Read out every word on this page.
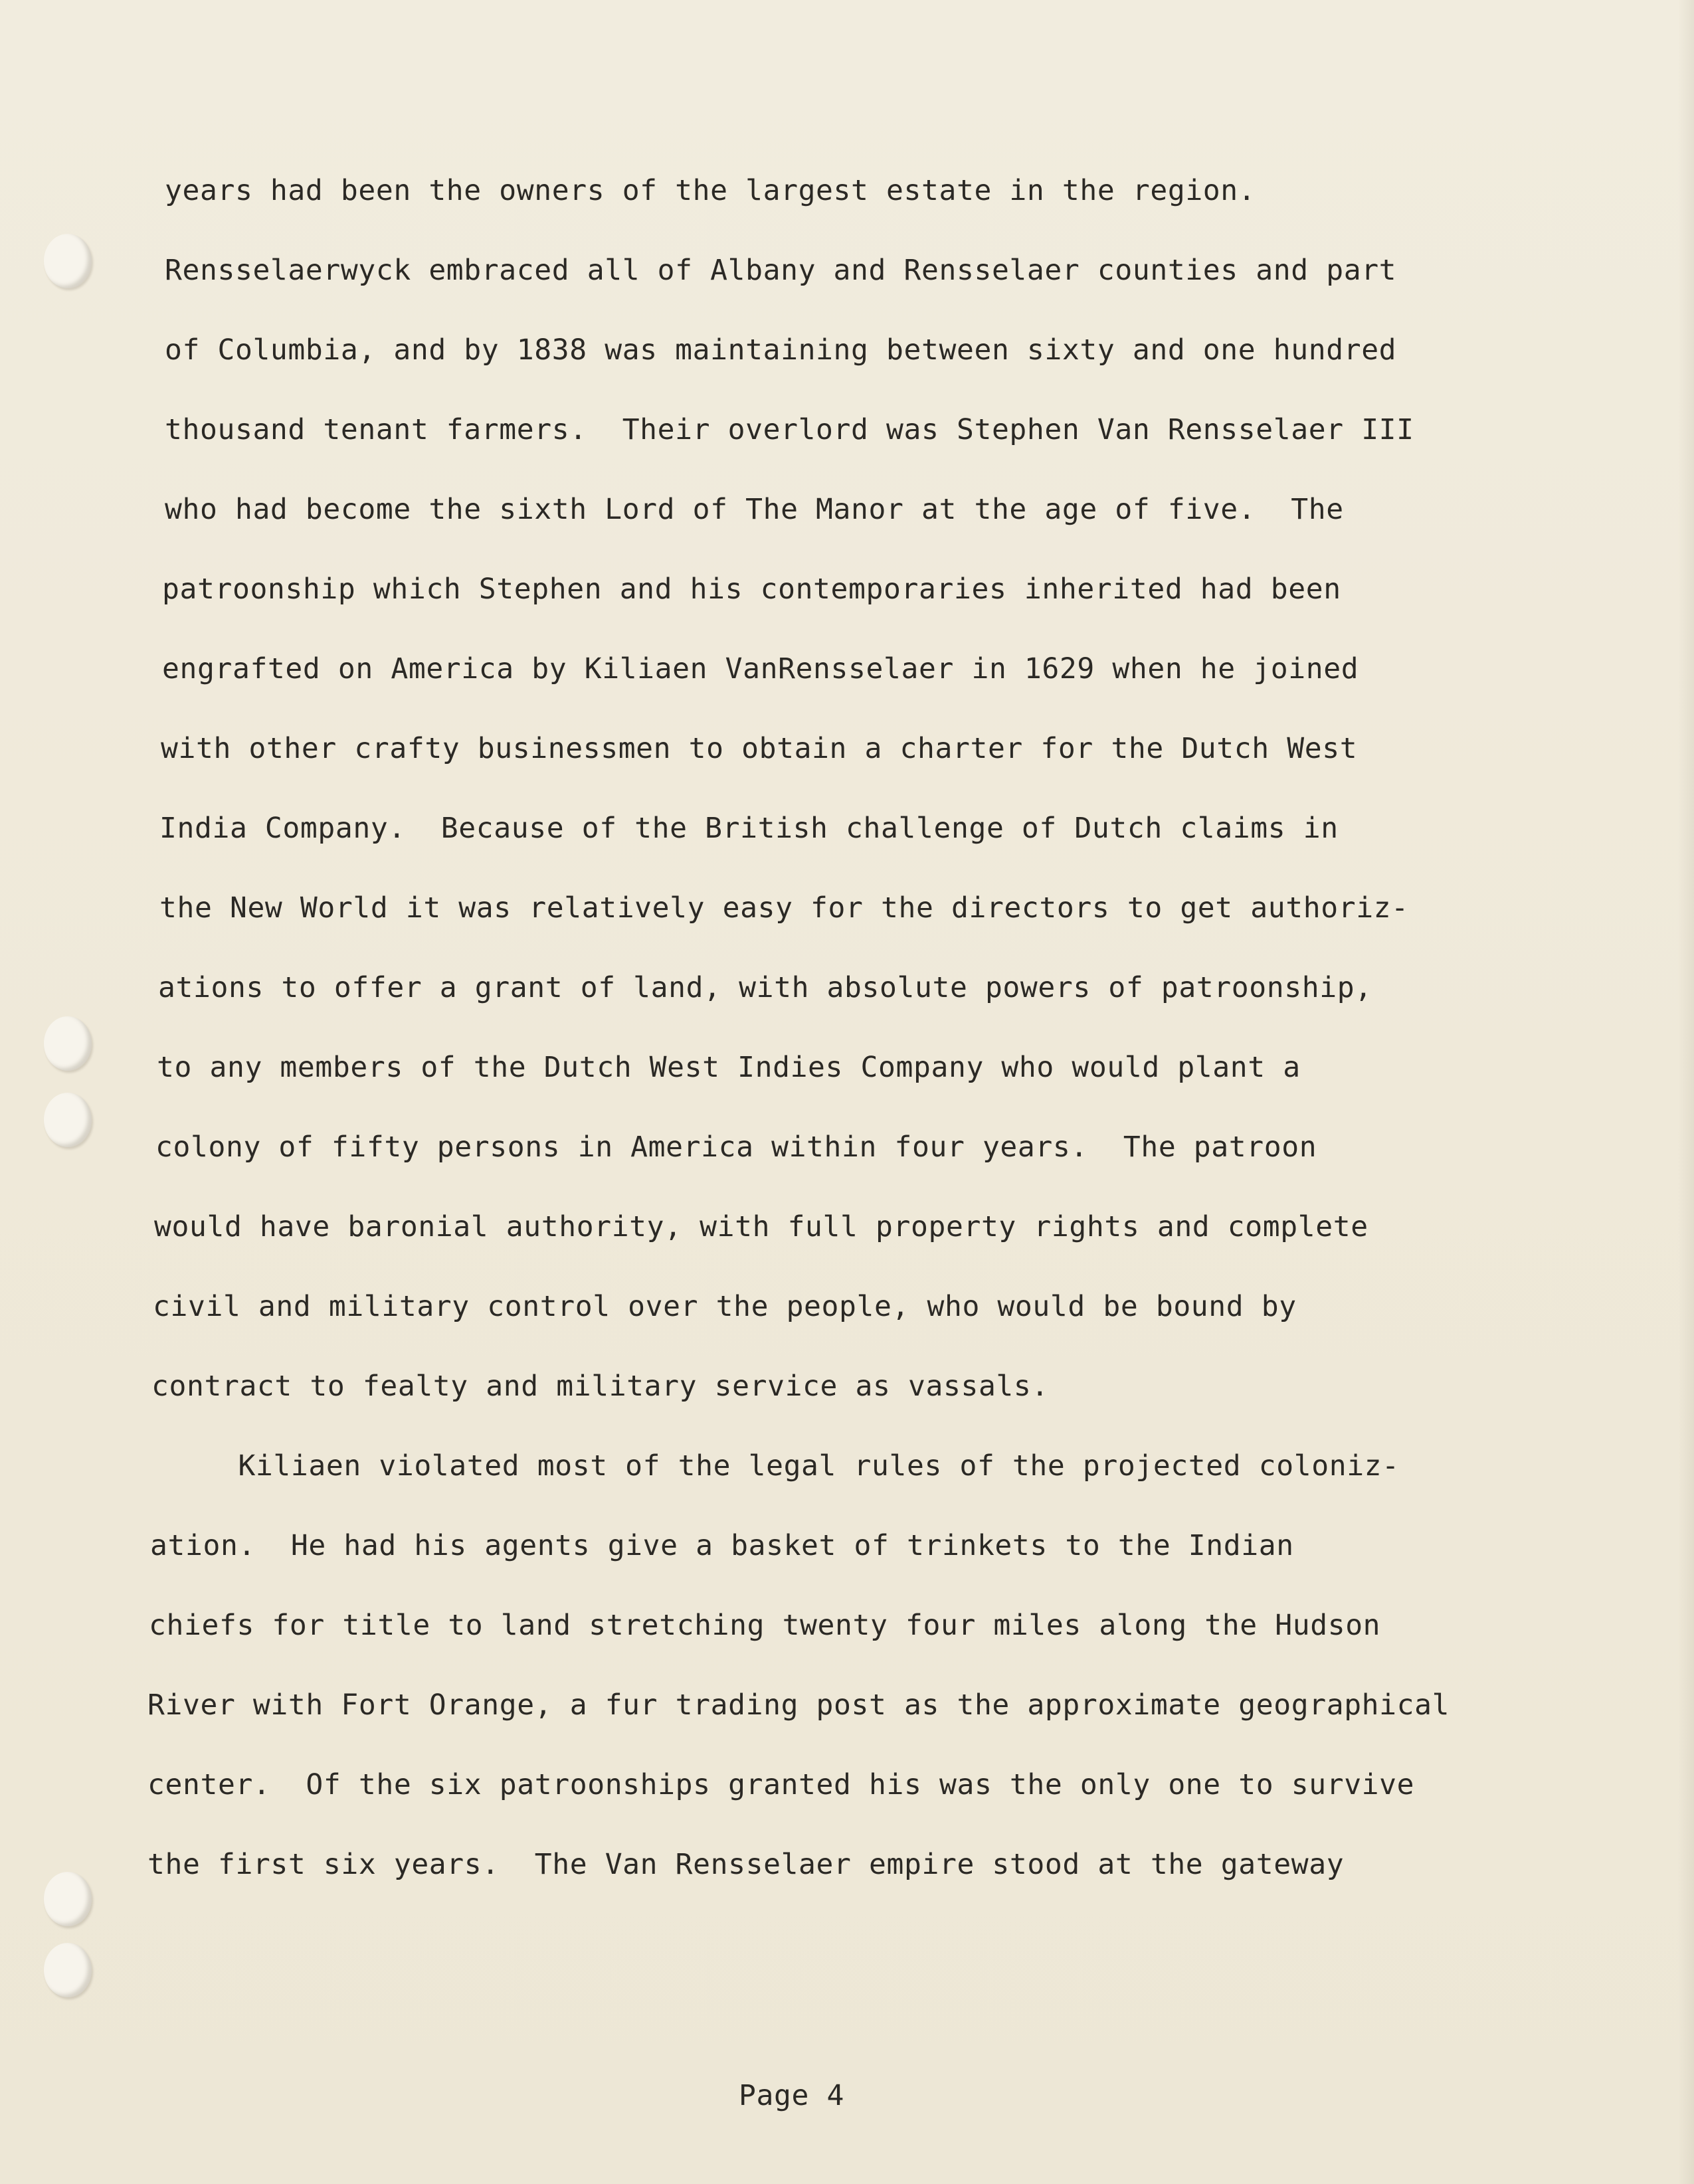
years had been the owners of the largest estate in the region.
Rensselaerwyck embraced all of Albany and Rensselaer counties and part
of Columbia, and by 1838 was maintaining between sixty and one hundred
thousand tenant farmers.  Their overlord was Stephen Van Rensselaer III
who had become the sixth Lord of The Manor at the age of five.  The
patroonship which Stephen and his contemporaries inherited had been
engrafted on America by Kiliaen VanRensselaer in 1629 when he joined
with other crafty businessmen to obtain a charter for the Dutch West
India Company.  Because of the British challenge of Dutch claims in
the New World it was relatively easy for the directors to get authoriz-
ations to offer a grant of land, with absolute powers of patroonship,
to any members of the Dutch West Indies Company who would plant a
colony of fifty persons in America within four years.  The patroon
would have baronial authority, with full property rights and complete
civil and military control over the people, who would be bound by
contract to fealty and military service as vassals.
Kiliaen violated most of the legal rules of the projected coloniz-
ation.  He had his agents give a basket of trinkets to the Indian
chiefs for title to land stretching twenty four miles along the Hudson
River with Fort Orange, a fur trading post as the approximate geographical
center.  Of the six patroonships granted his was the only one to survive
the first six years.  The Van Rensselaer empire stood at the gateway
Page 4
